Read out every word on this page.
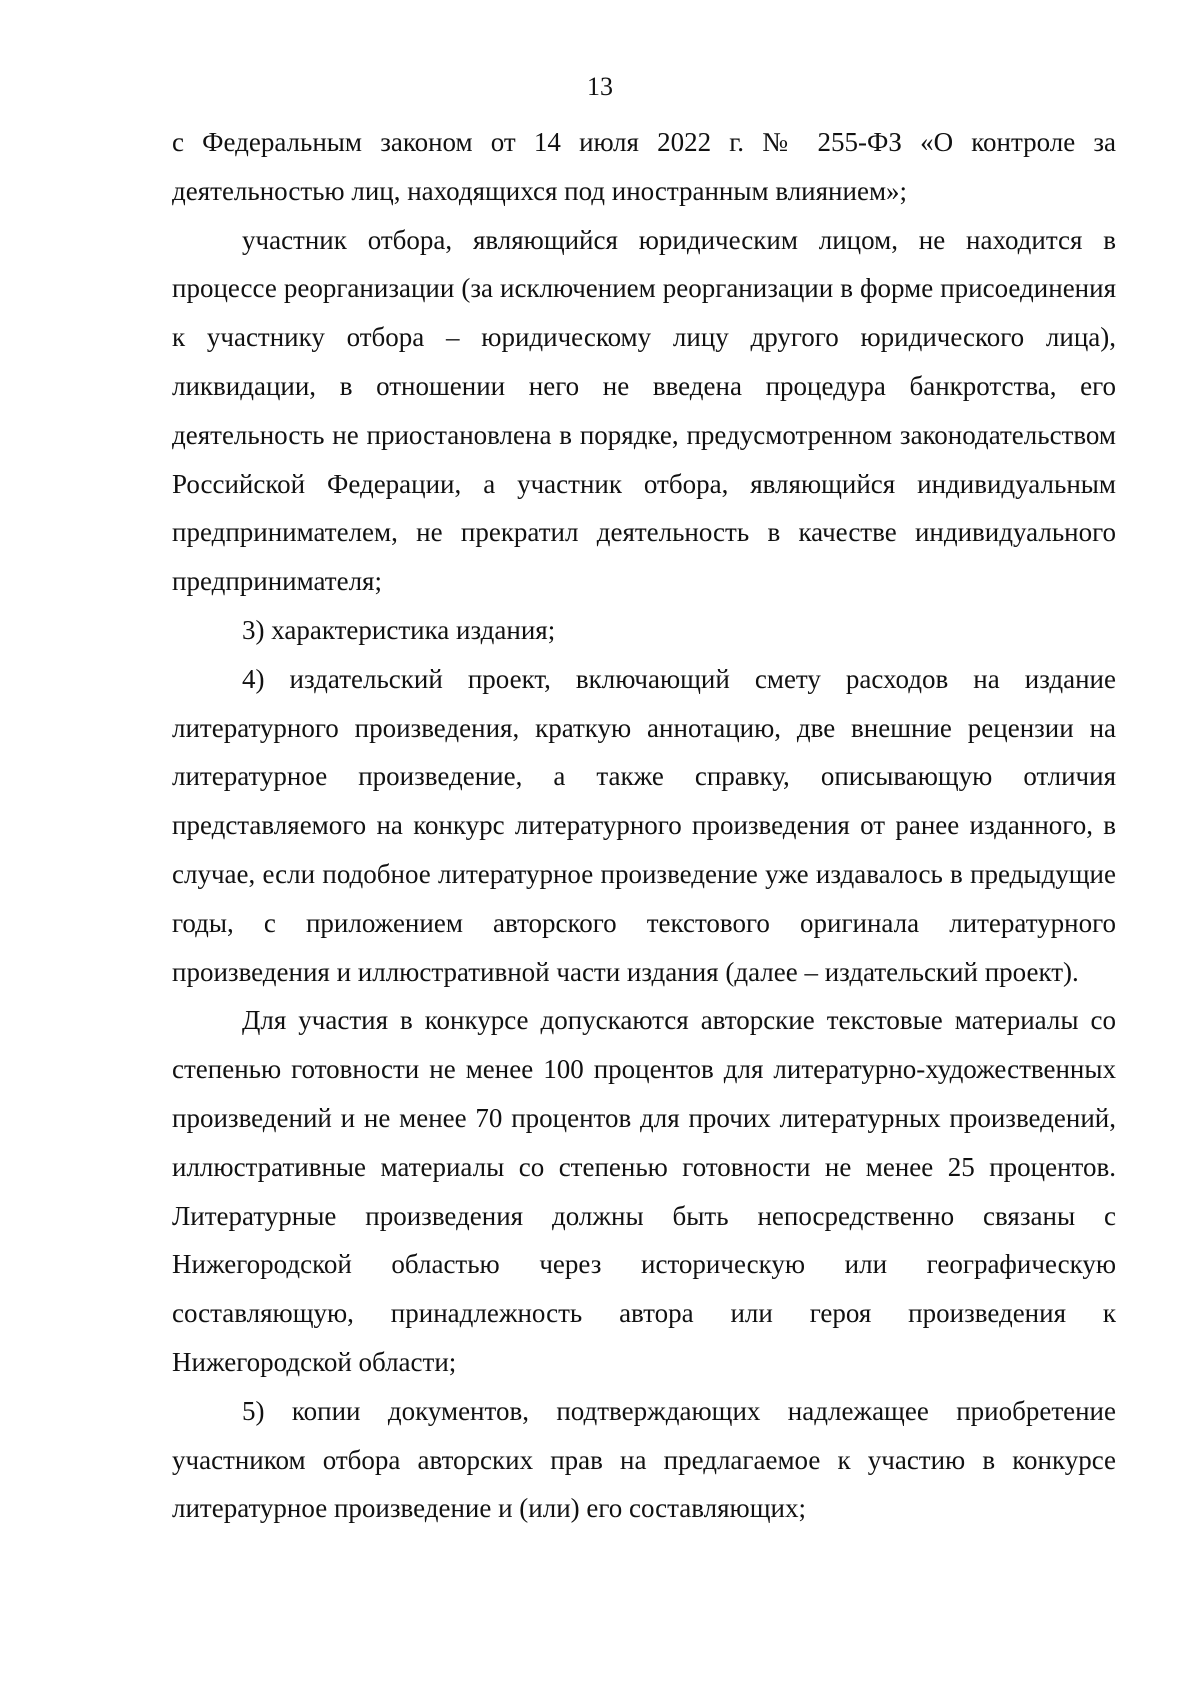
13

с Федеральным законом от 14 июля 2022 г. № 255-ФЗ «О контроле за деятельностью лиц, находящихся под иностранным влиянием»;

участник отбора, являющийся юридическим лицом, не находится в процессе реорганизации (за исключением реорганизации в форме присоединения к участнику отбора – юридическому лицу другого юридического лица), ликвидации, в отношении него не введена процедура банкротства, его деятельность не приостановлена в порядке, предусмотренном законодательством Российской Федерации, а участник отбора, являющийся индивидуальным предпринимателем, не прекратил деятельность в качестве индивидуального предпринимателя;

3) характеристика издания;

4) издательский проект, включающий смету расходов на издание литературного произведения, краткую аннотацию, две внешние рецензии на литературное произведение, а также справку, описывающую отличия представляемого на конкурс литературного произведения от ранее изданного, в случае, если подобное литературное произведение уже издавалось в предыдущие годы, с приложением авторского текстового оригинала литературного произведения и иллюстративной части издания (далее – издательский проект).

Для участия в конкурсе допускаются авторские текстовые материалы со степенью готовности не менее 100 процентов для литературно-художественных произведений и не менее 70 процентов для прочих литературных произведений, иллюстративные материалы со степенью готовности не менее 25 процентов. Литературные произведения должны быть непосредственно связаны с Нижегородской областью через историческую или географическую составляющую, принадлежность автора или героя произведения к Нижегородской области;

5) копии документов, подтверждающих надлежащее приобретение участником отбора авторских прав на предлагаемое к участию в конкурсе литературное произведение и (или) его составляющих;
